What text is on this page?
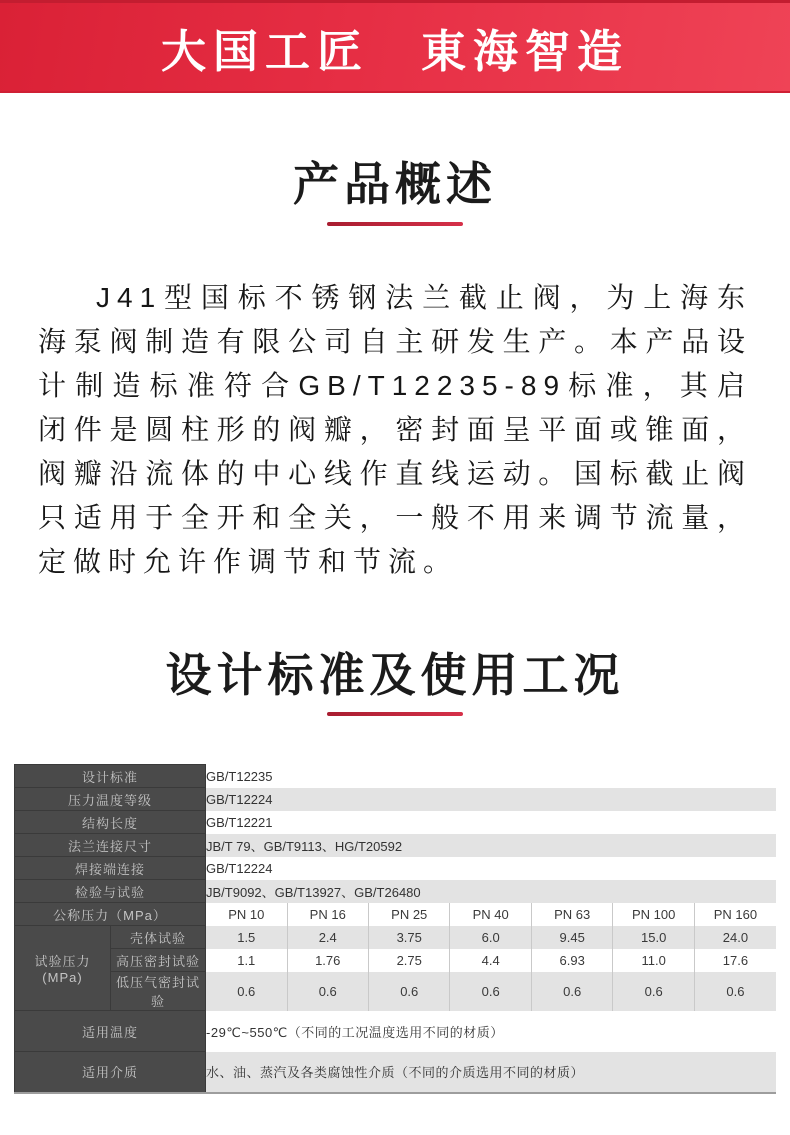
大国工匠　東海智造
产品概述

J41型国标不锈钢法兰截止阀，为上海东海泵阀制造有限公司自主研发生产。本产品设计制造标准符合GB/T12235-89标准，其启闭件是圆柱形的阀瓣，密封面呈平面或锥面，阀瓣沿流体的中心线作直线运动。国标截止阀只适用于全开和全关，一般不用来调节流量，定做时允许作调节和节流。

设计标准及使用工况
设计标准		GB/T12235						
压力温度等级		GB/T12224						
结构长度		GB/T12221						
法兰连接尺寸		JB/T 79、GB/T9113、HG/T20592						
焊接端连接		GB/T12224						
检验与试验		JB/T9092、GB/T13927、GB/T26480						
公称压力（MPa）		PN 10	PN 16	PN 25	PN 40	PN 63	PN 100	PN 160
试验压力(MPa)	壳体试验	1.5	2.4	3.75	6.0	9.45	15.0	24.0
	高压密封试验	1.1	1.76	2.75	4.4	6.93	11.0	17.6
	低压气密封试验	0.6	0.6	0.6	0.6	0.6	0.6	0.6
适用温度		-29℃~550℃（不同的工况温度选用不同的材质）						
适用介质		水、油、蒸汽及各类腐蚀性介质（不同的介质选用不同的材质）						
